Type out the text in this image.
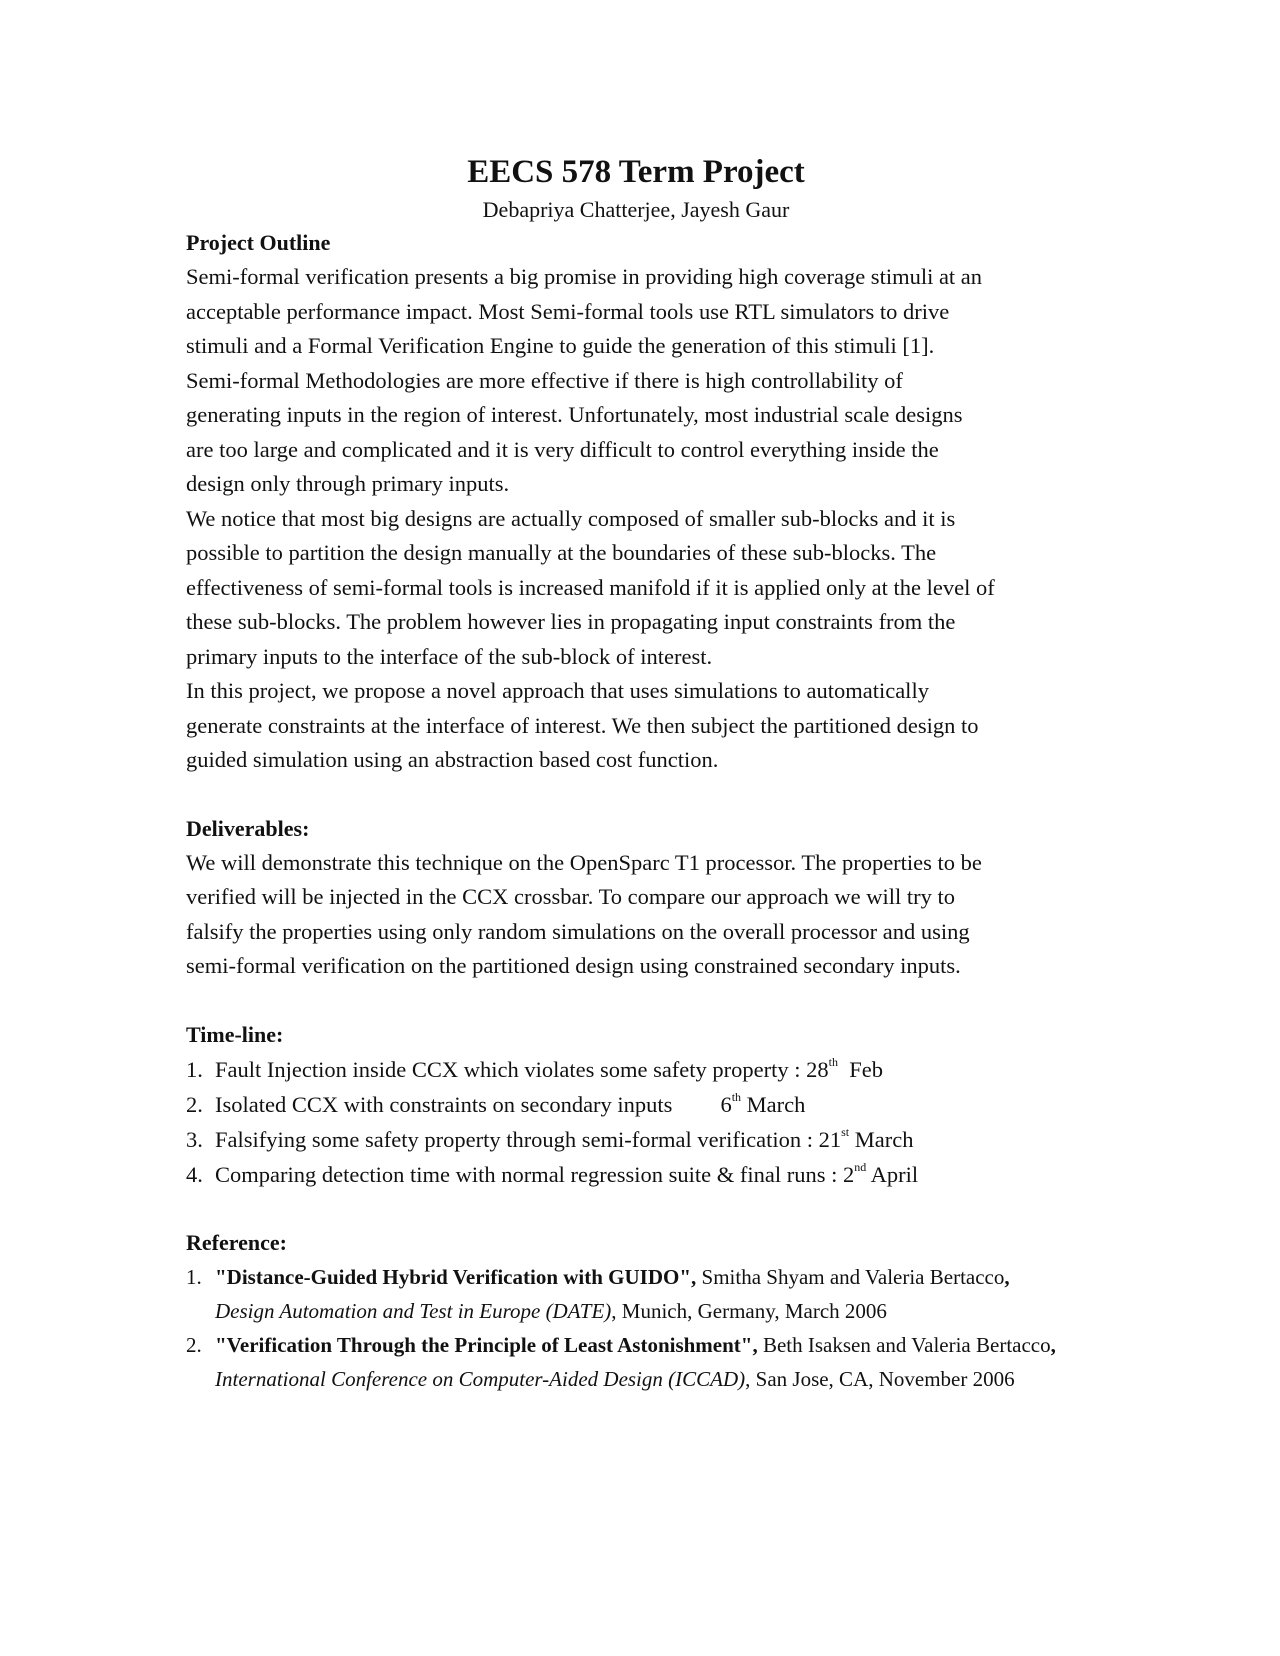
EECS 578 Term Project

Debapriya Chatterjee, Jayesh Gaur

Project Outline

Semi-formal verification presents a big promise in providing high coverage stimuli at an
acceptable performance impact. Most Semi-formal tools use RTL simulators to drive
stimuli and a Formal Verification Engine to guide the generation of this stimuli [1].
Semi-formal Methodologies are more effective if there is high controllability of
generating inputs in the region of interest. Unfortunately, most industrial scale designs
are too large and complicated and it is very difficult to control everything inside the
design only through primary inputs.

We notice that most big designs are actually composed of smaller sub-blocks and it is
possible to partition the design manually at the boundaries of these sub-blocks. The
effectiveness of semi-formal tools is increased manifold if it is applied only at the level of
these sub-blocks. The problem however lies in propagating input constraints from the
primary inputs to the interface of the sub-block of interest.

In this project, we propose a novel approach that uses simulations to automatically
generate constraints at the interface of interest. We then subject the partitioned design to
guided simulation using an abstraction based cost function.

Deliverables:

We will demonstrate this technique on the OpenSparc T1 processor. The properties to be
verified will be injected in the CCX crossbar. To compare our approach we will try to
falsify the properties using only random simulations on the overall processor and using
semi-formal verification on the partitioned design using constrained secondary inputs.

Time-line:

1. Fault Injection inside CCX which violates some safety property : 28th  Feb
2. Isolated CCX with constraints on secondary inputs 6th March
3. Falsifying some safety property through semi-formal verification : 21st March
4. Comparing detection time with normal regression suite & final runs : 2nd April

Reference:

1. "Distance-Guided Hybrid Verification with GUIDO", Smitha Shyam and Valeria Bertacco,
Design Automation and Test in Europe (DATE), Munich, Germany, March 2006
2. "Verification Through the Principle of Least Astonishment", Beth Isaksen and Valeria Bertacco, International Conference on Computer-Aided Design (ICCAD), San Jose, CA, November 2006
